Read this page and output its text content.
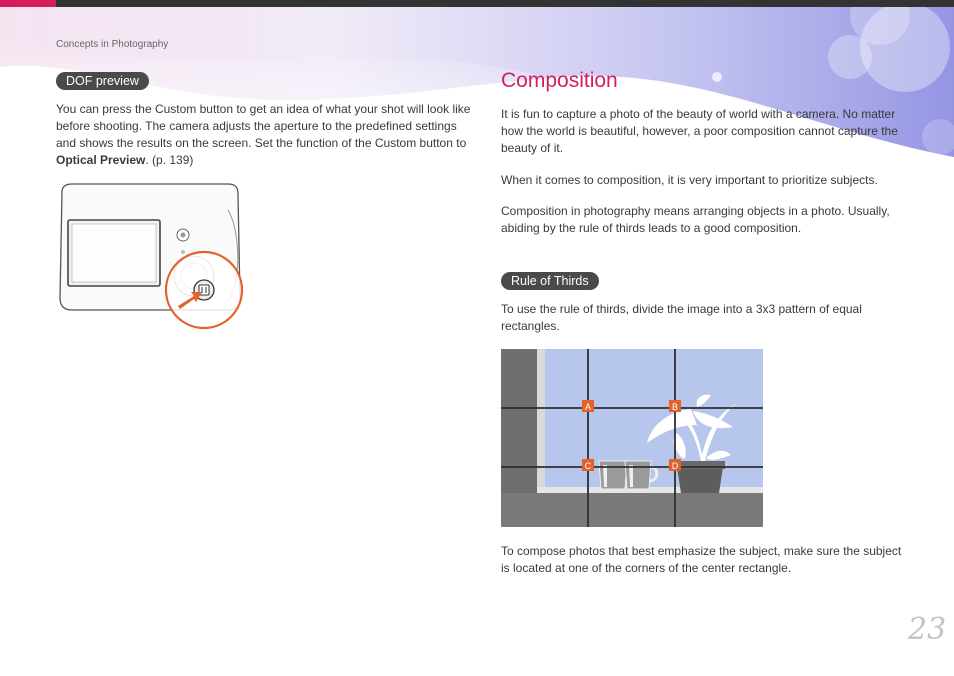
Concepts in Photography
DOF preview

You can press the Custom button to get an idea of what your shot will look like before shooting. The camera adjusts the aperture to the predefined settings and shows the results on the screen. Set the function of the Custom button to Optical Preview. (p. 139)

Composition

It is fun to capture a photo of the beauty of world with a camera. No matter how the world is beautiful, however, a poor composition cannot capture the beauty of it.

When it comes to composition, it is very important to prioritize subjects.

Composition in photography means arranging objects in a photo. Usually, abiding by the rule of thirds leads to a good composition.

Rule of Thirds

To use the rule of thirds, divide the image into a 3x3 pattern of equal rectangles.

A	B
C	D

To compose photos that best emphasize the subject, make sure the subject is located at one of the corners of the center rectangle.

23
